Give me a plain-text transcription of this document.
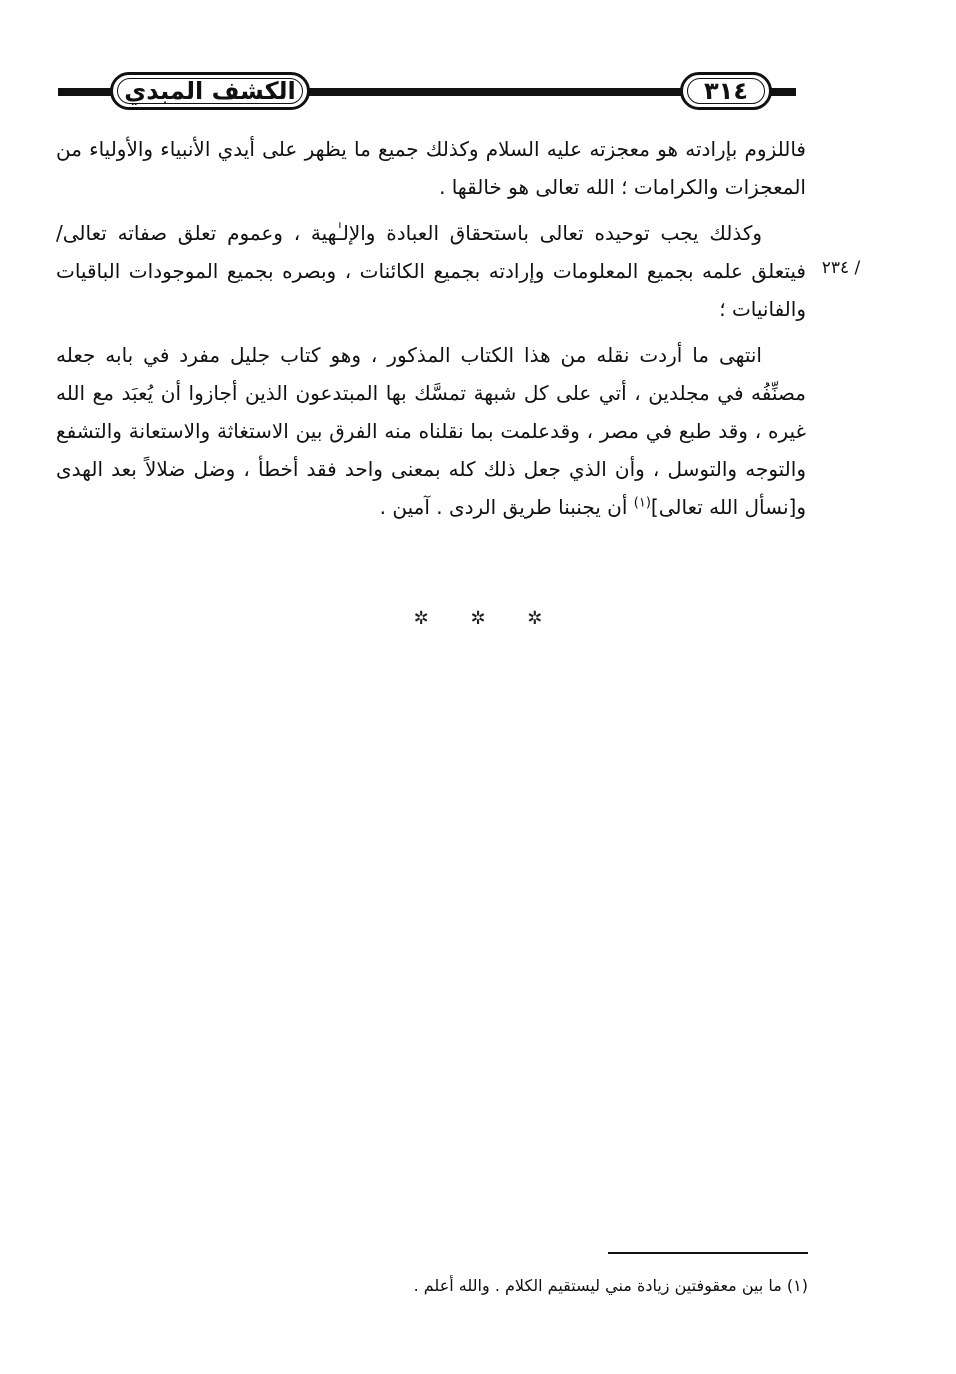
الكشف المبدي	٣١٤
/ ٢٣٤

فاللزوم بإرادته هو معجزته عليه السلام وكذلك جميع ما يظهر على أيدي الأنبياء والأولياء من المعجزات والكرامات ؛ الله تعالى هو خالقها .

وكذلك يجب توحيده تعالى باستحقاق العبادة والإلـٰهية ، وعموم تعلق صفاته تعالى/ فيتعلق علمه بجميع المعلومات وإرادته بجميع الكائنات ، وبصره بجميع الموجودات الباقيات والفانيات ؛

انتهى ما أردت نقله من هذا الكتاب المذكور ، وهو كتاب جليل مفرد في بابه جعله مصنِّفُه في مجلدين ، أتي على كل شبهة تمسَّك بها المبتدعون الذين أجازوا أن يُعبَد مع الله غيره ، وقد طبع في مصر ، وقدعلمت بما نقلناه منه الفرق بين الاستغاثة والاستعانة والتشفع والتوجه والتوسل ، وأن الذي جعل ذلك كله بمعنى واحد فقد أخطأ ، وضل ضلالاً بعد الهدى و[نسأل الله تعالى]$^{(١)}$ أن يجنبنا طريق الردى . آمين .

✲ ✲ ✲
(١) ما بين معقوفتين زيادة مني ليستقيم الكلام . والله أعلم .
